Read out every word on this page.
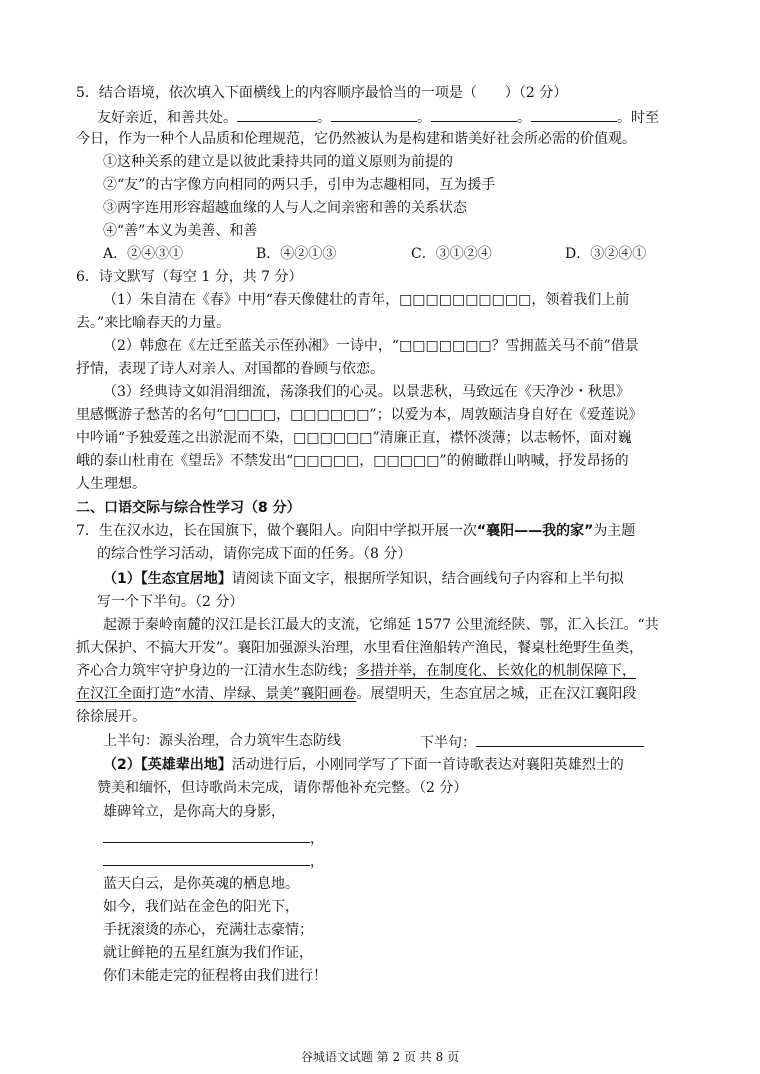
5．结合语境，依次填入下面横线上的内容顺序最恰当的一项是（　　）（2 分）
友好亲近，和善共处。	。	。	。	。时至
今日，作为一种个人品质和伦理规范，它仍然被认为是构建和谐美好社会所必需的价值观。
①这种关系的建立是以彼此秉持共同的道义原则为前提的
②“友”的古字像方向相同的两只手，引申为志趣相同，互为援手
③两字连用形容超越血缘的人与人之间亲密和善的关系状态
④“善”本义为美善、和善
A．②④③①	B．④②①③	C．③①②④	D．③②④①
6．诗文默写（每空 1 分，共 7 分）
（1）朱自清在《春》中用“春天像健壮的青年，□□□□□□□□□□，领着我们上前
去。”来比喻春天的力量。
（2）韩愈在《左迁至蓝关示侄孙湘》一诗中，“□□□□□□□？雪拥蓝关马不前”借景
抒情，表现了诗人对亲人、对国都的眷顾与依恋。
（3）经典诗文如涓涓细流，荡涤我们的心灵。以景悲秋，马致远在《天净沙・秋思》
里感慨游子愁苦的名句“□□□□，□□□□□□”；以爱为本，周敦颐洁身自好在《爱莲说》
中吟诵“予独爱莲之出淤泥而不染，□□□□□□”清廉正直，襟怀淡薄；以志畅怀，面对巍
峨的泰山杜甫在《望岳》不禁发出“□□□□□，□□□□□”的俯瞰群山呐喊，抒发昂扬的
人生理想。
二、口语交际与综合性学习（8 分）
7．生在汉水边，长在国旗下，做个襄阳人。向阳中学拟开展一次“襄阳——我的家”为主题
的综合性学习活动，请你完成下面的任务。（8 分）
（1）【生态宜居地】请阅读下面文字，根据所学知识，结合画线句子内容和上半句拟
写一个下半句。（2 分）
起源于秦岭南麓的汉江是长江最大的支流，它绵延 1577 公里流经陕、鄂，汇入长江。“共
抓大保护、不搞大开发”。襄阳加强源头治理，水里看住渔船转产渔民，餐桌杜绝野生鱼类，
齐心合力筑牢守护身边的一江清水生态防线；多措并举，在制度化、长效化的机制保障下，
在汉江全面打造“水清、岸绿、景美”襄阳画卷。展望明天，生态宜居之城，正在汉江襄阳段
徐徐展开。
上半句：源头治理，合力筑牢生态防线	下半句：
（2）【英雄辈出地】活动进行后，小刚同学写了下面一首诗歌表达对襄阳英雄烈士的
赞美和缅怀，但诗歌尚未完成，请你帮他补充完整。（2 分）
雄碑耸立，是你高大的身影，
，
，
蓝天白云，是你英魂的栖息地。
如今，我们站在金色的阳光下，
手抚滚烫的赤心，充满壮志豪情；
就让鲜艳的五星红旗为我们作证，
你们未能走完的征程将由我们进行！
谷城语文试题 第 2 页 共 8 页
